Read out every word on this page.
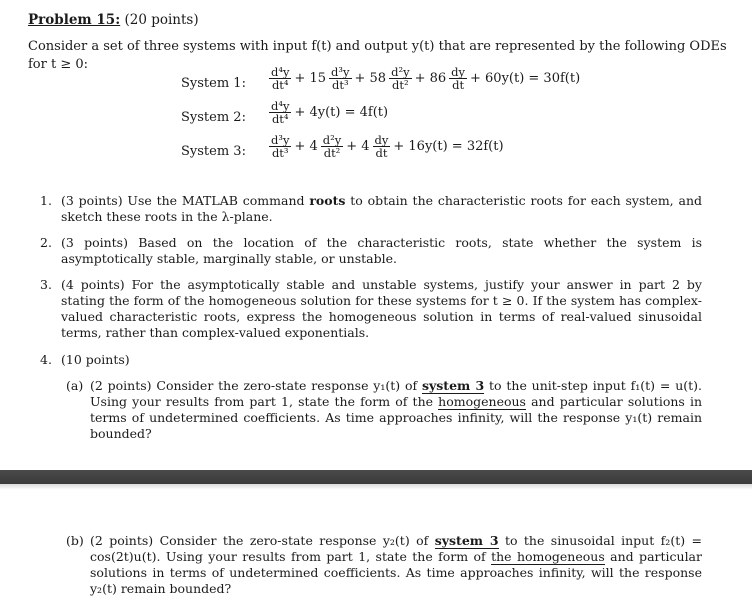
Problem 15: (20 points)
Consider a set of three systems with input f(t) and output y(t) that are represented by the following ODEs for t ≥ 0:
System 1: $\frac{\text{d⁴y}}{\text{dt⁴}} + 15 \frac{\text{d³y}}{\text{dt³}} + 58 \frac{\text{d²y}}{\text{dt²}} + 86 \frac{dy}{dt} + 60y(t) = 30f(t)$
System 2: $\frac{\text{d⁴y}}{\text{dt⁴}} + 4y(t) = 4f(t)$
System 3: $\frac{\text{d³y}}{\text{dt³}} + 4 \frac{\text{d²y}}{\text{dt²}} + 4 \frac{dy}{dt} + 16y(t) = 32f(t)$
1. (3 points) Use the MATLAB command roots to obtain the characteristic roots for each system, and sketch these roots in the λ-plane.
2. (3 points) Based on the location of the characteristic roots, state whether the system is asymptotically stable, marginally stable, or unstable.
3. (4 points) For the asymptotically stable and unstable systems, justify your answer in part 2 by stating the form of the homogeneous solution for these systems for t ≥ 0. If the system has complex-valued characteristic roots, express the homogeneous solution in terms of real-valued sinusoidal terms, rather than complex-valued exponentials.
4. (10 points)
(a) (2 points) Consider the zero-state response y₁(t) of system 3 to the unit-step input f₁(t) = u(t). Using your results from part 1, state the form of the homogeneous and particular solutions in terms of undetermined coefficients. As time approaches infinity, will the response y₁(t) remain bounded?
(b) (2 points) Consider the zero-state response y₂(t) of system 3 to the sinusoidal input f₂(t) = cos(2t)u(t). Using your results from part 1, state the form of the homogeneous and particular solutions in terms of undetermined coefficients. As time approaches infinity, will the response y₂(t) remain bounded?
